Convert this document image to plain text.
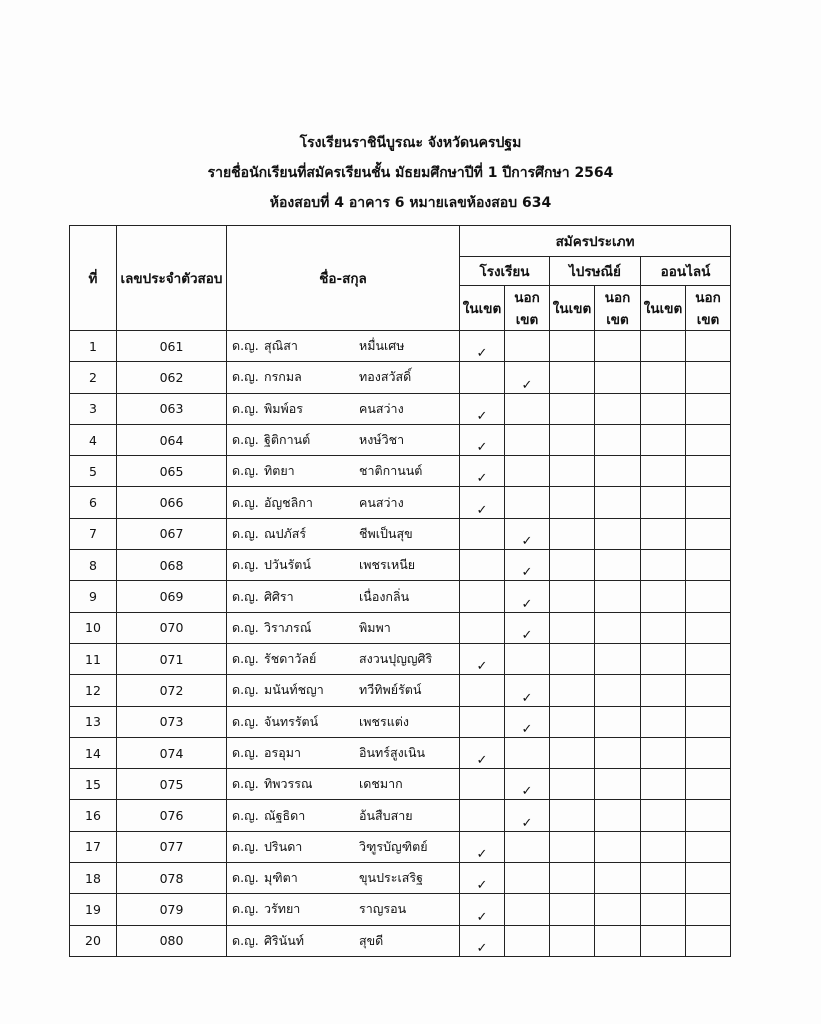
โรงเรียนราชินีบูรณะ จังหวัดนครปฐม
รายชื่อนักเรียนที่สมัครเรียนชั้น มัธยมศึกษาปีที่ 1 ปีการศึกษา 2564
ห้องสอบที่ 4 อาคาร 6 หมายเลขห้องสอบ 634
ที่	เลขประจำตัวสอบ	ชื่อ-สกุล	สมัครประเภท					
			โรงเรียน		ไปรษณีย์		ออนไลน์	
			ในเขต	นอกเขต	ในเขต	นอกเขต	ในเขต	นอกเขต
1	061	ด.ญ. สุณิสา หมื่นเศษ	✓					
2	062	ด.ญ. กรกมล ทองสวัสดิ์		✓				
3	063	ด.ญ. พิมพ์อร คนสว่าง	✓					
4	064	ด.ญ. ฐิติกานต์ หงษ์วิชา	✓					
5	065	ด.ญ. ทิตยา ชาติกานนต์	✓					
6	066	ด.ญ. อัญชลิกา คนสว่าง	✓					
7	067	ด.ญ. ณปภัสร์ ชีพเป็นสุข		✓				
8	068	ด.ญ. ปวันรัตน์ เพชรเหนีย		✓				
9	069	ด.ญ. ศิศิรา เนื่องกลิ่น		✓				
10	070	ด.ญ. วิราภรณ์ พิมพา		✓				
11	071	ด.ญ. รัชดาวัลย์ สงวนปุญญศิริ	✓					
12	072	ด.ญ. มนันท์ชญา ทวีทิพย์รัตน์		✓				
13	073	ด.ญ. จันทรรัตน์ เพชรแต่ง		✓				
14	074	ด.ญ. อรอุมา อินทร์สูงเนิน	✓					
15	075	ด.ญ. ทิพวรรณ เดชมาก		✓				
16	076	ด.ญ. ณัฐธิดา อ้นสืบสาย		✓				
17	077	ด.ญ. ปรินดา วิฑูรบัญฑิตย์	✓					
18	078	ด.ญ. มุฑิตา ขุนประเสริฐ	✓					
19	079	ด.ญ. วรัทยา ราญรอน	✓					
20	080	ด.ญ. ศิรินันท์ สุขดี	✓					
